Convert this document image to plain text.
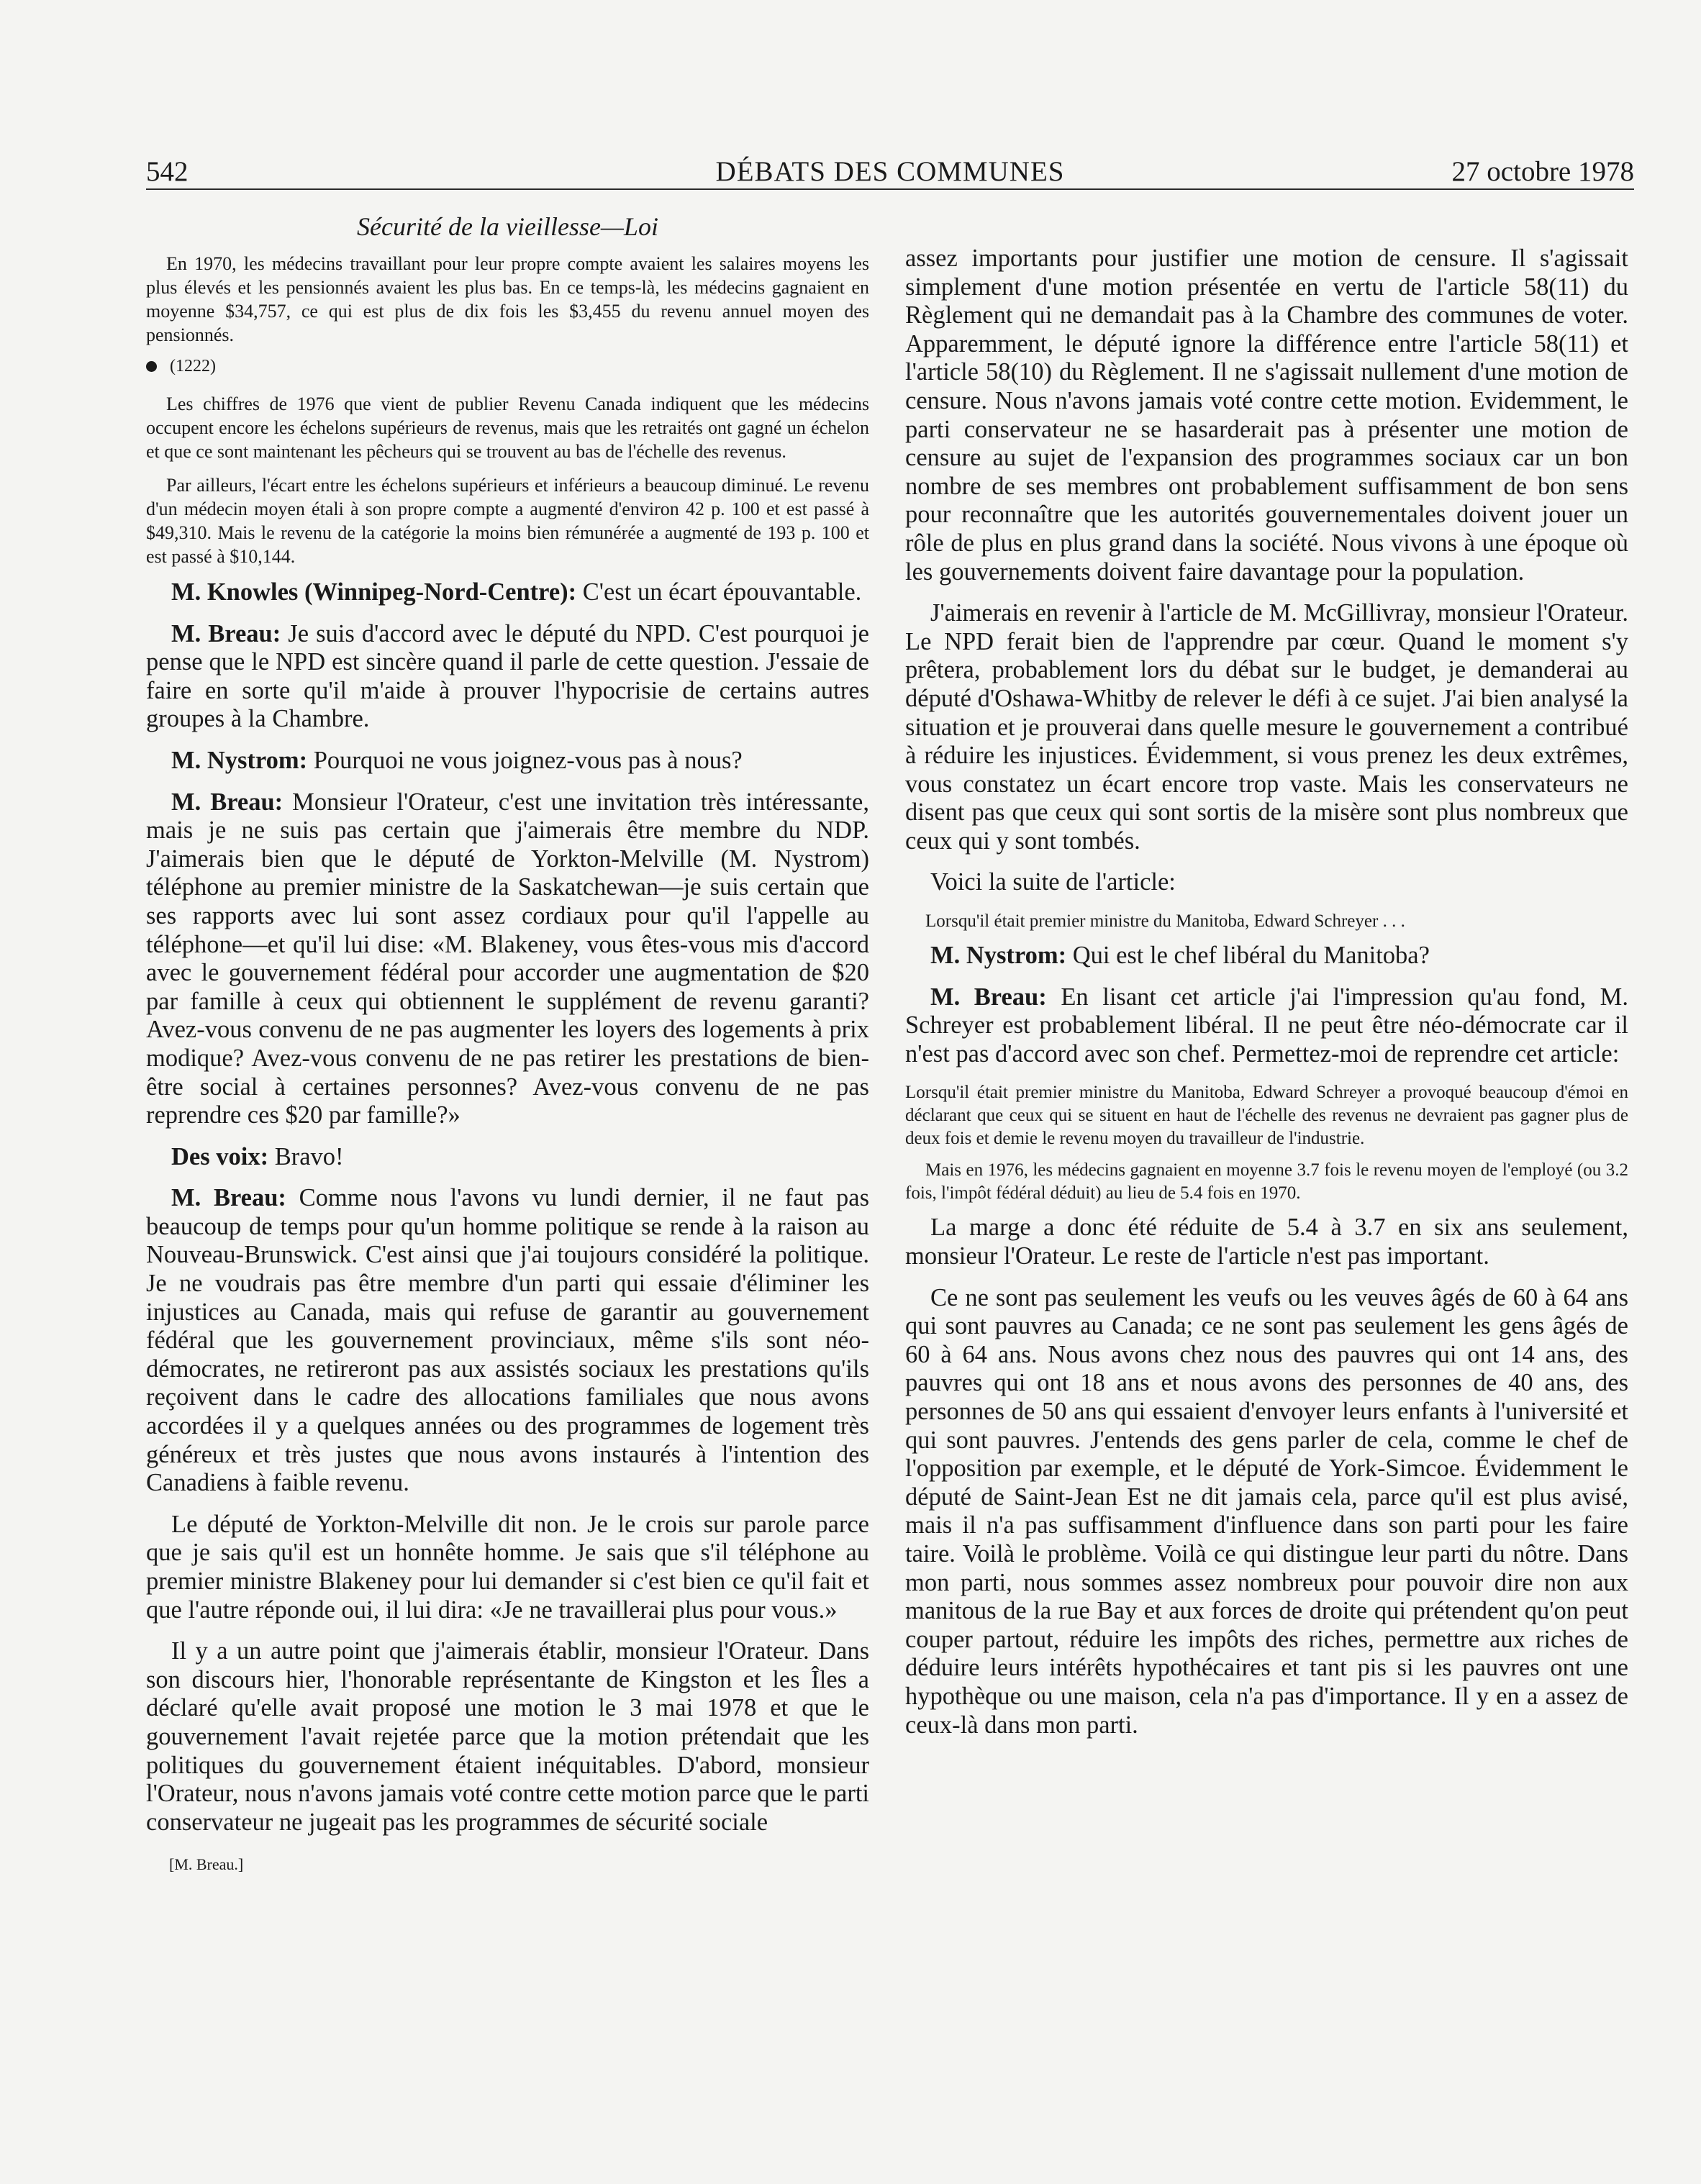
542	DÉBATS DES COMMUNES	27 octobre 1978
Sécurité de la vieillesse—Loi

En 1970, les médecins travaillant pour leur propre compte avaient les salaires moyens les plus élevés et les pensionnés avaient les plus bas. En ce temps-là, les médecins gagnaient en moyenne $34,757, ce qui est plus de dix fois les $3,455 du revenu annuel moyen des pensionnés.

(1222)

Les chiffres de 1976 que vient de publier Revenu Canada indiquent que les médecins occupent encore les échelons supérieurs de revenus, mais que les retraités ont gagné un échelon et que ce sont maintenant les pêcheurs qui se trouvent au bas de l'échelle des revenus.

Par ailleurs, l'écart entre les échelons supérieurs et inférieurs a beaucoup diminué. Le revenu d'un médecin moyen étali à son propre compte a augmenté d'environ 42 p. 100 et est passé à $49,310. Mais le revenu de la catégorie la moins bien rémunérée a augmenté de 193 p. 100 et est passé à $10,144.

M. Knowles (Winnipeg-Nord-Centre): C'est un écart épouvantable.

M. Breau: Je suis d'accord avec le député du NPD. C'est pourquoi je pense que le NPD est sincère quand il parle de cette question. J'essaie de faire en sorte qu'il m'aide à prouver l'hypocrisie de certains autres groupes à la Chambre.

M. Nystrom: Pourquoi ne vous joignez-vous pas à nous?

M. Breau: Monsieur l'Orateur, c'est une invitation très intéressante, mais je ne suis pas certain que j'aimerais être membre du NDP. J'aimerais bien que le député de Yorkton-Melville (M. Nystrom) téléphone au premier ministre de la Saskatchewan—je suis certain que ses rapports avec lui sont assez cordiaux pour qu'il l'appelle au téléphone—et qu'il lui dise: «M. Blakeney, vous êtes-vous mis d'accord avec le gouvernement fédéral pour accorder une augmentation de $20 par famille à ceux qui obtiennent le supplément de revenu garanti? Avez-vous convenu de ne pas augmenter les loyers des logements à prix modique? Avez-vous convenu de ne pas retirer les prestations de bien-être social à certaines personnes? Avez-vous convenu de ne pas reprendre ces $20 par famille?»

Des voix: Bravo!

M. Breau: Comme nous l'avons vu lundi dernier, il ne faut pas beaucoup de temps pour qu'un homme politique se rende à la raison au Nouveau-Brunswick. C'est ainsi que j'ai toujours considéré la politique. Je ne voudrais pas être membre d'un parti qui essaie d'éliminer les injustices au Canada, mais qui refuse de garantir au gouvernement fédéral que les gouvernement provinciaux, même s'ils sont néo-démocrates, ne retireront pas aux assistés sociaux les prestations qu'ils reçoivent dans le cadre des allocations familiales que nous avons accordées il y a quelques années ou des programmes de logement très généreux et très justes que nous avons instaurés à l'intention des Canadiens à faible revenu.

Le député de Yorkton-Melville dit non. Je le crois sur parole parce que je sais qu'il est un honnête homme. Je sais que s'il téléphone au premier ministre Blakeney pour lui demander si c'est bien ce qu'il fait et que l'autre réponde oui, il lui dira: «Je ne travaillerai plus pour vous.»

Il y a un autre point que j'aimerais établir, monsieur l'Orateur. Dans son discours hier, l'honorable représentante de Kingston et les Îles a déclaré qu'elle avait proposé une motion le 3 mai 1978 et que le gouvernement l'avait rejetée parce que la motion prétendait que les politiques du gouvernement étaient inéquitables. D'abord, monsieur l'Orateur, nous n'avons jamais voté contre cette motion parce que le parti conservateur ne jugeait pas les programmes de sécurité sociale

[M. Breau.]

assez importants pour justifier une motion de censure. Il s'agissait simplement d'une motion présentée en vertu de l'article 58(11) du Règlement qui ne demandait pas à la Chambre des communes de voter. Apparemment, le député ignore la différence entre l'article 58(11) et l'article 58(10) du Règlement. Il ne s'agissait nullement d'une motion de censure. Nous n'avons jamais voté contre cette motion. Evidemment, le parti conservateur ne se hasarderait pas à présenter une motion de censure au sujet de l'expansion des programmes sociaux car un bon nombre de ses membres ont probablement suffisamment de bon sens pour reconnaître que les autorités gouvernementales doivent jouer un rôle de plus en plus grand dans la société. Nous vivons à une époque où les gouvernements doivent faire davantage pour la population.

J'aimerais en revenir à l'article de M. McGillivray, monsieur l'Orateur. Le NPD ferait bien de l'apprendre par cœur. Quand le moment s'y prêtera, probablement lors du débat sur le budget, je demanderai au député d'Oshawa-Whitby de relever le défi à ce sujet. J'ai bien analysé la situation et je prouverai dans quelle mesure le gouvernement a contribué à réduire les injustices. Évidemment, si vous prenez les deux extrêmes, vous constatez un écart encore trop vaste. Mais les conservateurs ne disent pas que ceux qui sont sortis de la misère sont plus nombreux que ceux qui y sont tombés.

Voici la suite de l'article:

Lorsqu'il était premier ministre du Manitoba, Edward Schreyer . . .

M. Nystrom: Qui est le chef libéral du Manitoba?

M. Breau: En lisant cet article j'ai l'impression qu'au fond, M. Schreyer est probablement libéral. Il ne peut être néo-démocrate car il n'est pas d'accord avec son chef. Permettez-moi de reprendre cet article:

Lorsqu'il était premier ministre du Manitoba, Edward Schreyer a provoqué beaucoup d'émoi en déclarant que ceux qui se situent en haut de l'échelle des revenus ne devraient pas gagner plus de deux fois et demie le revenu moyen du travailleur de l'industrie.

Mais en 1976, les médecins gagnaient en moyenne 3.7 fois le revenu moyen de l'employé (ou 3.2 fois, l'impôt fédéral déduit) au lieu de 5.4 fois en 1970.

La marge a donc été réduite de 5.4 à 3.7 en six ans seulement, monsieur l'Orateur. Le reste de l'article n'est pas important.

Ce ne sont pas seulement les veufs ou les veuves âgés de 60 à 64 ans qui sont pauvres au Canada; ce ne sont pas seulement les gens âgés de 60 à 64 ans. Nous avons chez nous des pauvres qui ont 14 ans, des pauvres qui ont 18 ans et nous avons des personnes de 40 ans, des personnes de 50 ans qui essaient d'envoyer leurs enfants à l'université et qui sont pauvres. J'entends des gens parler de cela, comme le chef de l'opposition par exemple, et le député de York-Simcoe. Évidemment le député de Saint-Jean Est ne dit jamais cela, parce qu'il est plus avisé, mais il n'a pas suffisamment d'influence dans son parti pour les faire taire. Voilà le problème. Voilà ce qui distingue leur parti du nôtre. Dans mon parti, nous sommes assez nombreux pour pouvoir dire non aux manitous de la rue Bay et aux forces de droite qui prétendent qu'on peut couper partout, réduire les impôts des riches, permettre aux riches de déduire leurs intérêts hypothécaires et tant pis si les pauvres ont une hypothèque ou une maison, cela n'a pas d'importance. Il y en a assez de ceux-là dans mon parti.
